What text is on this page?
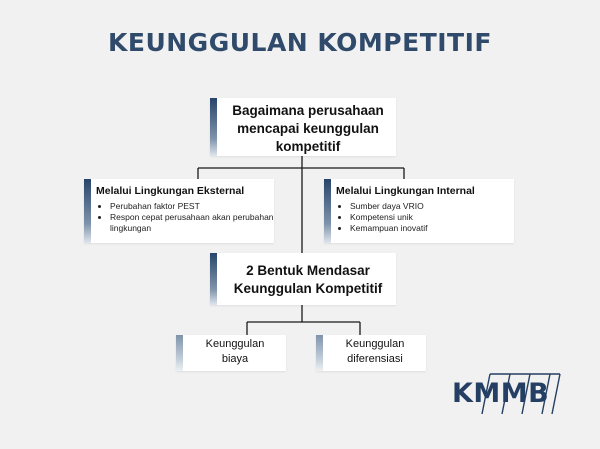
KEUNGGULAN KOMPETITIF
Bagaimana perusahaan
mencapai keunggulan
kompetitif
Melalui Lingkungan Eksternal
• Perubahan faktor PEST
• Respon cepat perusahaan akan perubahan lingkungan
Melalui Lingkungan Internal
• Sumber daya VRIO
• Kompetensi unik
• Kemampuan inovatif
2 Bentuk Mendasar
Keunggulan Kompetitif
Keunggulan
biaya
Keunggulan
diferensiasi
KMMB
